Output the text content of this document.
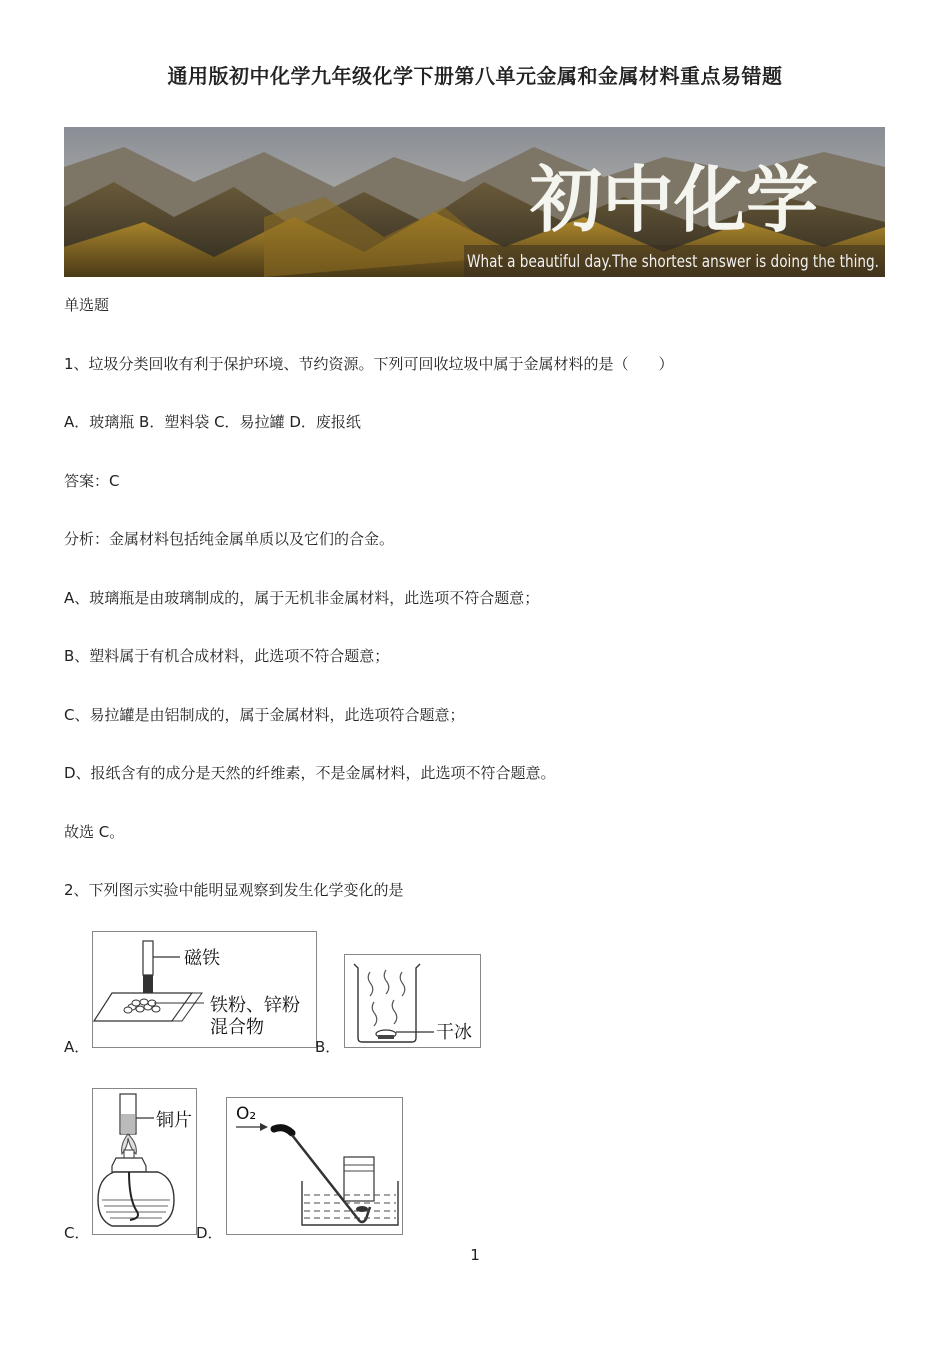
通用版初中化学九年级化学下册第八单元金属和金属材料重点易错题
初中化学
What a beautiful day.The shortest answer is doing the thing.
单选题
1、垃圾分类回收有利于保护环境、节约资源。下列可回收垃圾中属于金属材料的是（　　）
A．玻璃瓶 B．塑料袋 C．易拉罐 D．废报纸
答案：C
分析：金属材料包括纯金属单质以及它们的合金。
A、玻璃瓶是由玻璃制成的，属于无机非金属材料，此选项不符合题意；
B、塑料属于有机合成材料，此选项不符合题意；
C、易拉罐是由铝制成的，属于金属材料，此选项符合题意；
D、报纸含有的成分是天然的纤维素，不是金属材料，此选项不符合题意。
故选 C。
2、下列图示实验中能明显观察到发生化学变化的是
A．
磁铁
铁粉、锌粉
混合物
B．
干冰
C．
铜片
D．
O₂
1
